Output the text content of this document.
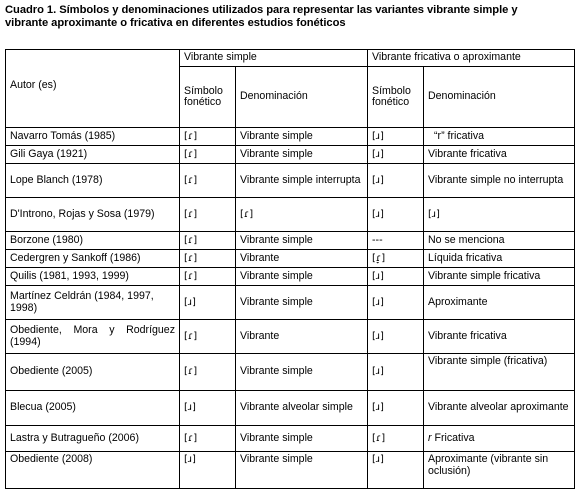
Cuadro 1. Símbolos y denominaciones utilizados para representar las variantes vibrante simple y
vibrante aproximante o fricativa en diferentes estudios fonéticos
Autor (es)	Vibrante simple		Vibrante fricativa o aproximante	
	Símbolo fonético	Denominación	Símbolo fonético	Denominación
Navarro Tomás (1985)	[ɾ]	Vibrante simple	[ɹ]	“r” fricativa
Gili Gaya (1921)	[ɾ]	Vibrante simple	[ɹ]	Vibrante fricativa
Lope Blanch (1978)	[ɾ]	Vibrante simple interrupta	[ɹ]	Vibrante simple no interrupta
D'Introno, Rojas y Sosa (1979)	[ɾ]	[ɾ]	[ɹ]	[ɹ]
Borzone (1980)	[ɾ]	Vibrante simple	---	No se menciona
Cedergren y Sankoff (1986)	[ɾ]	Vibrante	[ɾ̞]	Líquida fricativa
Quilis (1981, 1993, 1999)	[ɾ]	Vibrante simple	[ɹ]	Vibrante simple fricativa
Martínez Celdrán (1984, 1997, 1998)	[ɹ]	Vibrante simple	[ɹ]	Aproximante
Obediente, Mora y Rodríguez (1994)	[ɾ]	Vibrante	[ɹ]	Vibrante fricativa
Obediente (2005)	[ɾ]	Vibrante simple	[ɹ]	Vibrante simple (fricativa)
Blecua (2005)	[ɹ]	Vibrante alveolar simple	[ɹ]	Vibrante alveolar aproximante
Lastra y Butragueño (2006)	[ɾ]	Vibrante simple	[ɾ]	r Fricativa
Obediente (2008)	[ɹ]	Vibrante simple	[ɹ]	Aproximante (vibrante sin oclusión)
